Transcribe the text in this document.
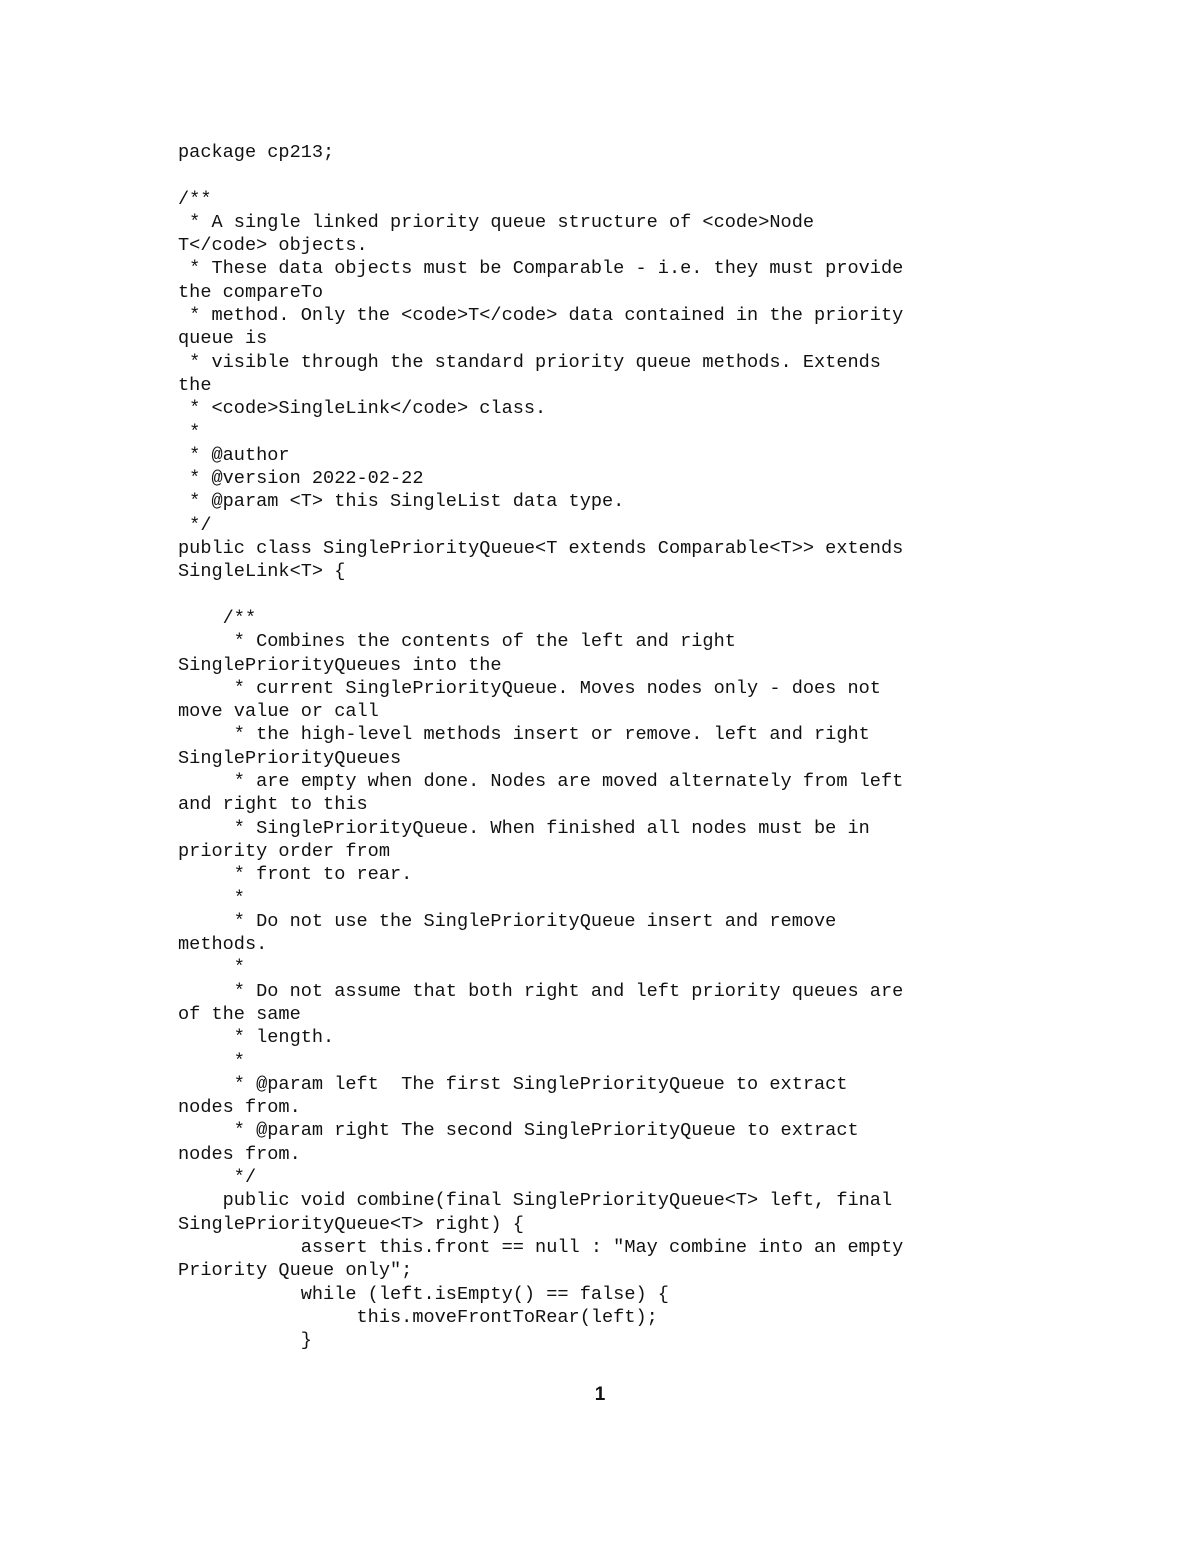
package cp213;
/**
* A single linked priority queue structure of <code>Node
T</code> objects.
* These data objects must be Comparable - i.e. they must provide
the compareTo
* method. Only the <code>T</code> data contained in the priority
queue is
* visible through the standard priority queue methods. Extends
the
* <code>SingleLink</code> class.
*
* @author
* @version 2022-02-22
* @param <T> this SingleList data type.
*/
public class SinglePriorityQueue<T extends Comparable<T>> extends
SingleLink<T> {
/**
* Combines the contents of the left and right
SinglePriorityQueues into the
* current SinglePriorityQueue. Moves nodes only - does not
move value or call
* the high-level methods insert or remove. left and right
SinglePriorityQueues
* are empty when done. Nodes are moved alternately from left
and right to this
* SinglePriorityQueue. When finished all nodes must be in
priority order from
* front to rear.
*
* Do not use the SinglePriorityQueue insert and remove
methods.
*
* Do not assume that both right and left priority queues are
of the same
* length.
*
* @param left  The first SinglePriorityQueue to extract
nodes from.
* @param right The second SinglePriorityQueue to extract
nodes from.
*/
public void combine(final SinglePriorityQueue<T> left, final
SinglePriorityQueue<T> right) {
assert this.front == null : "May combine into an empty
Priority Queue only";
while (left.isEmpty() == false) {
this.moveFrontToRear(left);
}
1
